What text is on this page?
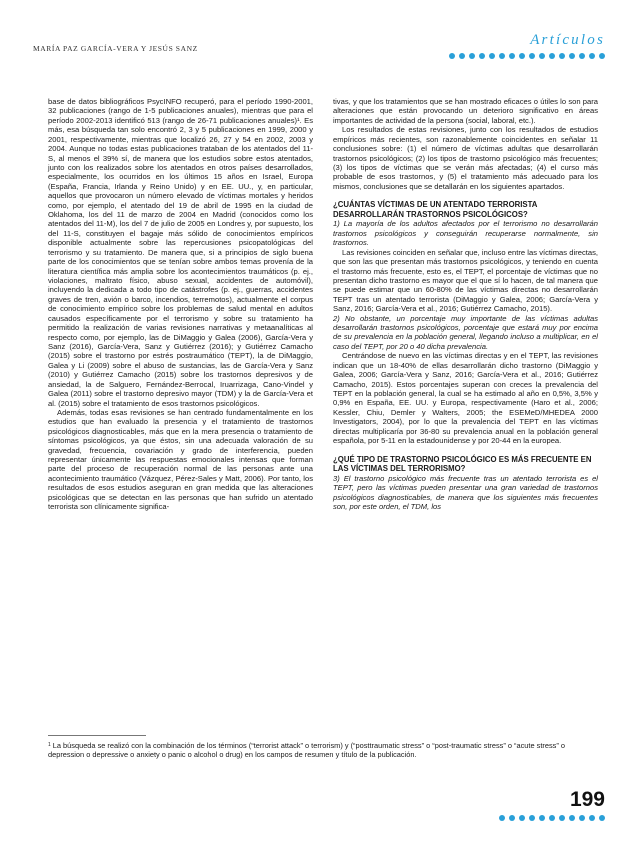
MARÍA PAZ GARCÍA-VERA Y JESÚS SANZ
Artículos

base de datos bibliográficos PsycINFO recuperó, para el período 1990-2001, 32 publicaciones (rango de 1-5 publicaciones anuales), mientras que para el período 2002-2013 identificó 513 (rango de 26-71 publicaciones anuales)¹. Es más, esa búsqueda tan solo encontró 2, 3 y 5 publicaciones en 1999, 2000 y 2001, respectivamente, mientras que localizó 26, 27 y 54 en 2002, 2003 y 2004. Aunque no todas estas publicaciones trataban de los atentados del 11-S, al menos el 39% sí, de manera que los estudios sobre estos atentados, junto con los realizados sobre los atentados en otros países desarrollados, especialmente, los ocurridos en los últimos 15 años en Israel, Europa (España, Francia, Irlanda y Reino Unido) y en EE. UU., y, en particular, aquellos que provocaron un número elevado de víctimas mortales y heridos como, por ejemplo, el atentado del 19 de abril de 1995 en la ciudad de Oklahoma, los del 11 de marzo de 2004 en Madrid (conocidos como los atentados del 11-M), los del 7 de julio de 2005 en Londres y, por supuesto, los del 11-S, constituyen el bagaje más sólido de conocimientos empíricos disponible actualmente sobre las repercusiones psicopatológicas del terrorismo y su tratamiento. De manera que, si a principios de siglo buena parte de los conocimientos que se tenían sobre ambos temas provenía de la literatura científica más amplia sobre los acontecimientos traumáticos (p. ej., violaciones, maltrato físico, abuso sexual, accidentes de automóvil), incluyendo la dedicada a todo tipo de catástrofes (p. ej., guerras, accidentes graves de tren, avión o barco, incendios, terremotos), actualmente el corpus de conocimiento empírico sobre los problemas de salud mental en adultos causados específicamente por el terrorismo y sobre su tratamiento ha permitido la realización de varias revisiones narrativas y metaanalíticas al respecto como, por ejemplo, las de DiMaggio y Galea (2006), García-Vera y Sanz (2016), García-Vera, Sanz y Gutiérrez (2016); y Gutiérrez Camacho (2015) sobre el trastorno por estrés postraumático (TEPT), la de DiMaggio, Galea y Li (2009) sobre el abuso de sustancias, las de García-Vera y Sanz (2010) y Gutiérrez Camacho (2015) sobre los trastornos depresivos y de ansiedad, la de Salguero, Fernández-Berrocal, Iruarrizaga, Cano-Vindel y Galea (2011) sobre el trastorno depresivo mayor (TDM) y la de García-Vera et al. (2015) sobre el tratamiento de esos trastornos psicológicos.

Además, todas esas revisiones se han centrado fundamentalmente en los estudios que han evaluado la presencia y el tratamiento de trastornos psicológicos diagnosticables, más que en la mera presencia o tratamiento de síntomas psicológicos, ya que éstos, sin una adecuada valoración de su gravedad, frecuencia, covariación y grado de interferencia, pueden representar únicamente las respuestas emocionales intensas que forman parte del proceso de recuperación normal de las personas ante una acontecimiento traumático (Vázquez, Pérez-Sales y Matt, 2006). Por tanto, los resultados de esos estudios aseguran en gran medida que las alteraciones psicológicas que se detectan en las personas que han sufrido un atentado terrorista son clínicamente significa-

tivas, y que los tratamientos que se han mostrado eficaces o útiles lo son para alteraciones que están provocando un deterioro significativo en áreas importantes de actividad de la persona (social, laboral, etc.).

Los resultados de estas revisiones, junto con los resultados de estudios empíricos más recientes, son razonablemente coincidentes en señalar 11 conclusiones sobre: (1) el número de víctimas adultas que desarrollarán trastornos psicológicos; (2) los tipos de trastorno psicológico más frecuentes; (3) los tipos de víctimas que se verán más afectadas; (4) el curso más probable de esos trastornos, y (5) el tratamiento más adecuado para los mismos, conclusiones que se detallarán en los siguientes apartados.

¿CUÁNTAS VÍCTIMAS DE UN ATENTADO TERRORISTA DESARROLLARÁN TRASTORNOS PSICOLÓGICOS?

1) La mayoría de los adultos afectados por el terrorismo no desarrollarán trastornos psicológicos y conseguirán recuperarse normalmente, sin trastornos.

Las revisiones coinciden en señalar que, incluso entre las víctimas directas, que son las que presentan más trastornos psicológicos, y teniendo en cuenta el trastorno más frecuente, esto es, el TEPT, el porcentaje de víctimas que no presentan dicho trastorno es mayor que el que sí lo hacen, de tal manera que se puede estimar que un 60-80% de las víctimas directas no desarrollarán TEPT tras un atentado terrorista (DiMaggio y Galea, 2006; García-Vera y Sanz, 2016; García-Vera et al., 2016; Gutiérrez Camacho, 2015).

2) No obstante, un porcentaje muy importante de las víctimas adultas desarrollarán trastornos psicológicos, porcentaje que estará muy por encima de su prevalencia en la población general, llegando incluso a multiplicar, en el caso del TEPT, por 20 o 40 dicha prevalencia.

Centrándose de nuevo en las víctimas directas y en el TEPT, las revisiones indican que un 18-40% de ellas desarrollarán dicho trastorno (DiMaggio y Galea, 2006; García-Vera y Sanz, 2016; García-Vera et al., 2016; Gutiérrez Camacho, 2015). Estos porcentajes superan con creces la prevalencia del TEPT en la población general, la cual se ha estimado al año en 0,5%, 3,5% y 0,9% en España, EE. UU. y Europa, respectivamente (Haro et al., 2006; Kessler, Chiu, Demler y Walters, 2005; the ESEMeD/MHEDEA 2000 Investigators, 2004), por lo que la prevalencia del TEPT en las víctimas directas multiplicaría por 36-80 su prevalencia anual en la población general española, por 5-11 en la estadounidense y por 20-44 en la europea.

¿QUÉ TIPO DE TRASTORNO PSICOLÓGICO ES MÁS FRECUENTE EN LAS VÍCTIMAS DEL TERRORISMO?

3) El trastorno psicológico más frecuente tras un atentado terrorista es el TEPT, pero las víctimas pueden presentar una gran variedad de trastornos psicológicos diagnosticables, de manera que los siguientes más frecuentes son, por este orden, el TDM, los

$^1$ La búsqueda se realizó con la combinación de los términos (“terrorist attack” o terrorism) y (“posttraumatic stress” o “post-traumatic stress” o “acute stress” o depression o depressive o anxiety o panic o alcohol o drug) en los campos de resumen y título de la publicación.
199
